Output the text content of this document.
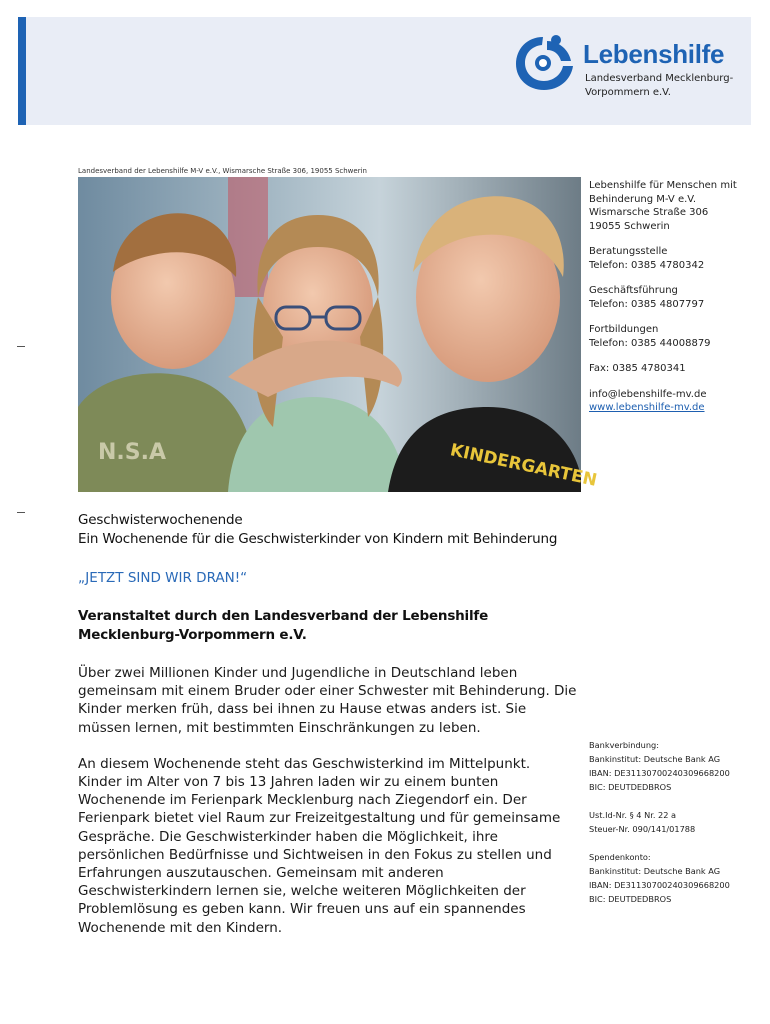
Lebenshilfe
Landesverband Mecklenburg-Vorpommern e.V.
Landesverband der Lebenshilfe M-V e.V., Wismarsche Straße 306, 19055 Schwerin
N.S.A	KINDERGARTEN
Lebenshilfe für Menschen mit
Behinderung M-V e.V.
Wismarsche Straße 306
19055 Schwerin
Beratungsstelle
Telefon: 0385 4780342
Geschäftsführung
Telefon: 0385 4807797
Fortbildungen
Telefon: 0385 44008879
Fax: 0385 4780341
info@lebenshilfe-mv.de
www.lebenshilfe-mv.de
Bankverbindung:
Bankinstitut: Deutsche Bank AG
IBAN: DE31130700240309668200
BIC: DEUTDEDBROS
Ust.Id-Nr. § 4 Nr. 22 a
Steuer-Nr. 090/141/01788
Spendenkonto:
Bankinstitut: Deutsche Bank AG
IBAN: DE31130700240309668200
BIC: DEUTDEDBROS
Geschwisterwochenende
Ein Wochenende für die Geschwisterkinder von Kindern mit Behinderung
„JETZT SIND WIR DRAN!“
Veranstaltet durch den Landesverband der Lebenshilfe Mecklenburg-Vorpommern e.V.
Über zwei Millionen Kinder und Jugendliche in Deutschland leben gemeinsam mit einem Bruder oder einer Schwester mit Behinderung. Die Kinder merken früh, dass bei ihnen zu Hause etwas anders ist. Sie müssen lernen, mit bestimmten Einschränkungen zu leben.
An diesem Wochenende steht das Geschwisterkind im Mittelpunkt. Kinder im Alter von 7 bis 13 Jahren laden wir zu einem bunten Wochenende im Ferienpark Mecklenburg nach Ziegendorf ein. Der Ferienpark bietet viel Raum zur Freizeitgestaltung und für gemeinsame Gespräche. Die Geschwisterkinder haben die Möglichkeit, ihre persönlichen Bedürfnisse und Sichtweisen in den Fokus zu stellen und Erfahrungen auszutauschen. Gemeinsam mit anderen Geschwisterkindern lernen sie, welche weiteren Möglichkeiten der Problemlösung es geben kann. Wir freuen uns auf ein spannendes Wochenende mit den Kindern.
